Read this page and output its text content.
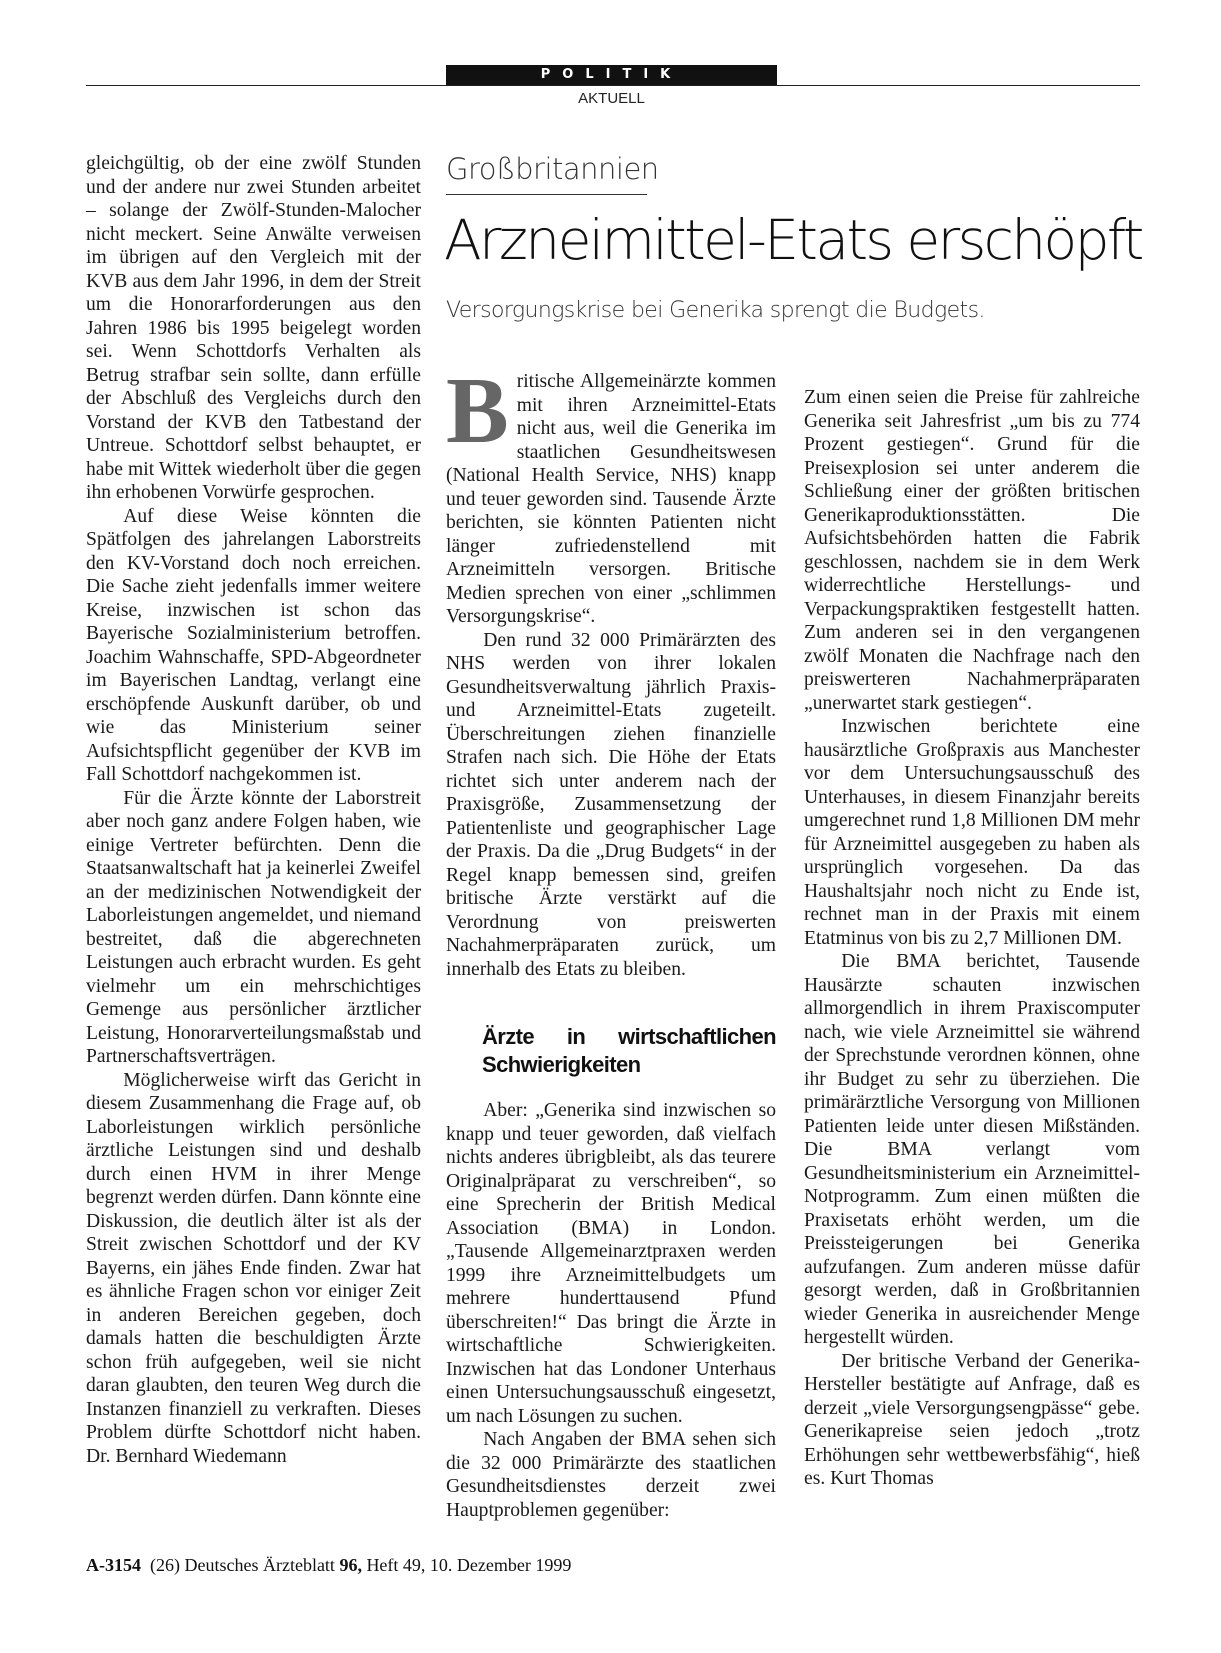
POLITIK
AKTUELL

gleichgültig, ob der eine zwölf Stunden und der andere nur zwei Stunden arbeitet – solange der Zwölf-Stunden-Malocher nicht meckert. Seine Anwälte verweisen im übrigen auf den Vergleich mit der KVB aus dem Jahr 1996, in dem der Streit um die Honorarforderungen aus den Jahren 1986 bis 1995 beigelegt worden sei. Wenn Schottdorfs Verhalten als Betrug strafbar sein sollte, dann erfülle der Abschluß des Vergleichs durch den Vorstand der KVB den Tatbestand der Untreue. Schottdorf selbst behauptet, er habe mit Wittek wiederholt über die gegen ihn erhobenen Vorwürfe gesprochen.

Auf diese Weise könnten die Spätfolgen des jahrelangen Laborstreits den KV-Vorstand doch noch erreichen. Die Sache zieht jedenfalls immer weitere Kreise, inzwischen ist schon das Bayerische Sozialministerium betroffen. Joachim Wahnschaffe, SPD-Abgeordneter im Bayerischen Landtag, verlangt eine erschöpfende Auskunft darüber, ob und wie das Ministerium seiner Aufsichtspflicht gegenüber der KVB im Fall Schottdorf nachgekommen ist.

Für die Ärzte könnte der Laborstreit aber noch ganz andere Folgen haben, wie einige Vertreter befürchten. Denn die Staatsanwaltschaft hat ja keinerlei Zweifel an der medizinischen Notwendigkeit der Laborleistungen angemeldet, und niemand bestreitet, daß die abgerechneten Leistungen auch erbracht wurden. Es geht vielmehr um ein mehrschichtiges Gemenge aus persönlicher ärztlicher Leistung, Honorarverteilungsmaßstab und Partnerschaftsverträgen.

Möglicherweise wirft das Gericht in diesem Zusammenhang die Frage auf, ob Laborleistungen wirklich persönliche ärztliche Leistungen sind und deshalb durch einen HVM in ihrer Menge begrenzt werden dürfen. Dann könnte eine Diskussion, die deutlich älter ist als der Streit zwischen Schottdorf und der KV Bayerns, ein jähes Ende finden. Zwar hat es ähnliche Fragen schon vor einiger Zeit in anderen Bereichen gegeben, doch damals hatten die beschuldigten Ärzte schon früh aufgegeben, weil sie nicht daran glaubten, den teuren Weg durch die Instanzen finanziell zu verkraften. Dieses Problem dürfte Schottdorf nicht haben. Dr. Bernhard Wiedemann

Großbritannien
Arzneimittel-Etats erschöpft
Versorgungskrise bei Generika sprengt die Budgets.

Britische Allgemeinärzte kommen mit ihren Arzneimittel-Etats nicht aus, weil die Generika im staatlichen Gesundheitswesen (National Health Service, NHS) knapp und teuer geworden sind. Tausende Ärzte berichten, sie könnten Patienten nicht länger zufriedenstellend mit Arzneimitteln versorgen. Britische Medien sprechen von einer „schlimmen Versorgungskrise“.

Den rund 32 000 Primärärzten des NHS werden von ihrer lokalen Gesundheitsverwaltung jährlich Praxis- und Arzneimittel-Etats zugeteilt. Überschreitungen ziehen finanzielle Strafen nach sich. Die Höhe der Etats richtet sich unter anderem nach der Praxisgröße, Zusammensetzung der Patientenliste und geographischer Lage der Praxis. Da die „Drug Budgets“ in der Regel knapp bemessen sind, greifen britische Ärzte verstärkt auf die Verordnung von preiswerten Nachahmerpräparaten zurück, um innerhalb des Etats zu bleiben.

Ärzte in wirtschaftlichen Schwierigkeiten

Aber: „Generika sind inzwischen so knapp und teuer geworden, daß vielfach nichts anderes übrigbleibt, als das teurere Originalpräparat zu verschreiben“, so eine Sprecherin der British Medical Association (BMA) in London. „Tausende Allgemeinarztpraxen werden 1999 ihre Arzneimittelbudgets um mehrere hunderttausend Pfund überschreiten!“ Das bringt die Ärzte in wirtschaftliche Schwierigkeiten. Inzwischen hat das Londoner Unterhaus einen Untersuchungsausschuß eingesetzt, um nach Lösungen zu suchen.

Nach Angaben der BMA sehen sich die 32 000 Primärärzte des staatlichen Gesundheitsdienstes derzeit zwei Hauptproblemen gegenüber:

Zum einen seien die Preise für zahlreiche Generika seit Jahresfrist „um bis zu 774 Prozent gestiegen“. Grund für die Preisexplosion sei unter anderem die Schließung einer der größten britischen Generikaproduktionsstätten. Die Aufsichtsbehörden hatten die Fabrik geschlossen, nachdem sie in dem Werk widerrechtliche Herstellungs- und Verpackungspraktiken festgestellt hatten. Zum anderen sei in den vergangenen zwölf Monaten die Nachfrage nach den preiswerteren Nachahmerpräparaten „unerwartet stark gestiegen“.

Inzwischen berichtete eine hausärztliche Großpraxis aus Manchester vor dem Untersuchungsausschuß des Unterhauses, in diesem Finanzjahr bereits umgerechnet rund 1,8 Millionen DM mehr für Arzneimittel ausgegeben zu haben als ursprünglich vorgesehen. Da das Haushaltsjahr noch nicht zu Ende ist, rechnet man in der Praxis mit einem Etatminus von bis zu 2,7 Millionen DM.

Die BMA berichtet, Tausende Hausärzte schauten inzwischen allmorgendlich in ihrem Praxiscomputer nach, wie viele Arzneimittel sie während der Sprechstunde verordnen können, ohne ihr Budget zu sehr zu überziehen. Die primärärztliche Versorgung von Millionen Patienten leide unter diesen Mißständen. Die BMA verlangt vom Gesundheitsministerium ein Arzneimittel-Notprogramm. Zum einen müßten die Praxisetats erhöht werden, um die Preissteigerungen bei Generika aufzufangen. Zum anderen müsse dafür gesorgt werden, daß in Großbritannien wieder Generika in ausreichender Menge hergestellt würden.

Der britische Verband der Generika-Hersteller bestätigte auf Anfrage, daß es derzeit „viele Versorgungsengpässe“ gebe. Generikapreise seien jedoch „trotz Erhöhungen sehr wettbewerbsfähig“, hieß es. Kurt Thomas

A-3154 (26) Deutsches Ärzteblatt 96, Heft 49, 10. Dezember 1999
